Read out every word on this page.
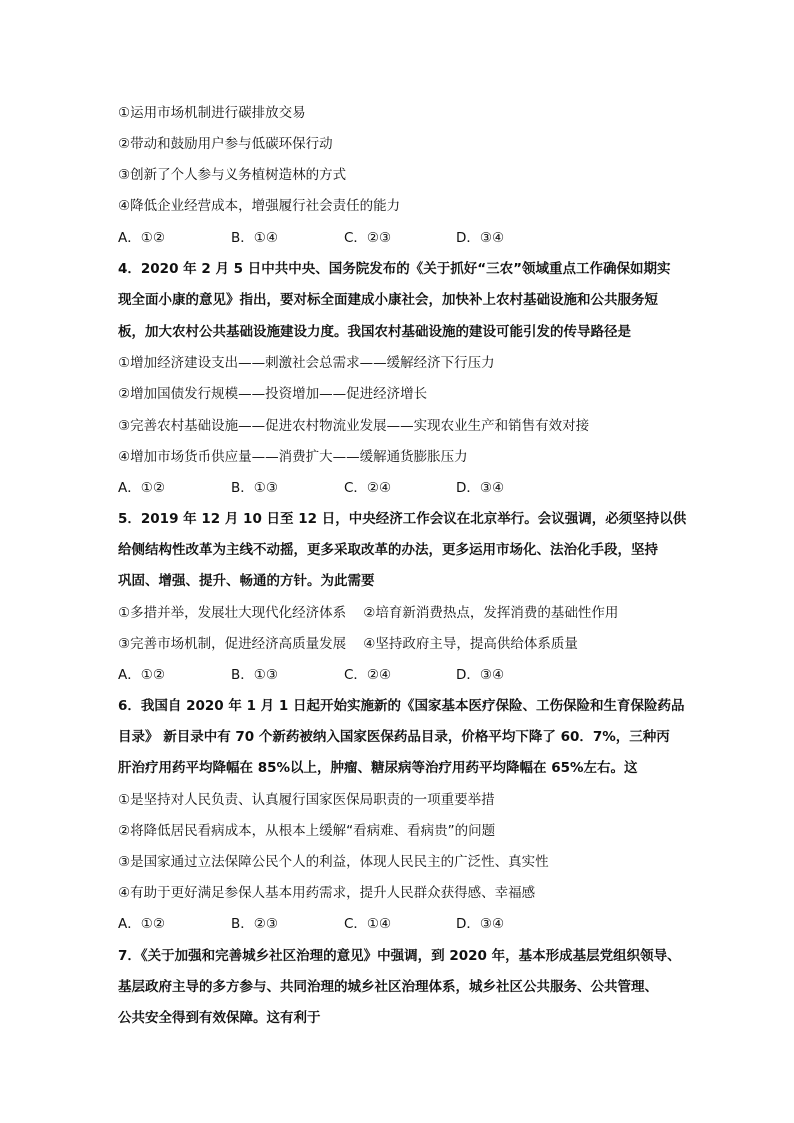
①运用市场机制进行碳排放交易
②带动和鼓励用户参与低碳环保行动
③创新了个人参与义务植树造林的方式
④降低企业经营成本，增强履行社会责任的能力
A．①②	B．①④	C．②③	D．③④
4．2020 年 2 月 5 日中共中央、国务院发布的《关于抓好“三农”领域重点工作确保如期实
现全面小康的意见》指出，要对标全面建成小康社会，加快补上农村基础设施和公共服务短
板，加大农村公共基础设施建设力度。我国农村基础设施的建设可能引发的传导路径是
①增加经济建设支出——刺激社会总需求——缓解经济下行压力
②增加国债发行规模——投资增加——促进经济增长
③完善农村基础设施——促进农村物流业发展——实现农业生产和销售有效对接
④增加市场货币供应量——消费扩大——缓解通货膨胀压力
A．①②	B．①③	C．②④	D．③④
5．2019 年 12 月 10 日至 12 日，中央经济工作会议在北京举行。会议强调，必须坚持以供
给侧结构性改革为主线不动摇，更多采取改革的办法，更多运用市场化、法治化手段，坚持
巩固、增强、提升、畅通的方针。为此需要
①多措并举，发展壮大现代化经济体系    ②培育新消费热点，发挥消费的基础性作用
③完善市场机制，促进经济高质量发展    ④坚持政府主导，提高供给体系质量
A．①②	B．①③	C．②④	D．③④
6．我国自 2020 年 1 月 1 日起开始实施新的《国家基本医疗保险、工伤保险和生育保险药品
目录》 新目录中有 70 个新药被纳入国家医保药品目录，价格平均下降了 60．7%，三种丙
肝治疗用药平均降幅在 85%以上，肿瘤、糖尿病等治疗用药平均降幅在 65%左右。这
①是坚持对人民负责、认真履行国家医保局职责的一项重要举措
②将降低居民看病成本，从根本上缓解“看病难、看病贵”的问题
③是国家通过立法保障公民个人的利益，体现人民民主的广泛性、真实性
④有助于更好满足参保人基本用药需求，提升人民群众获得感、幸福感
A．①②	B．②③	C．①④	D．③④
7．《关于加强和完善城乡社区治理的意见》中强调，到 2020 年，基本形成基层党组织领导、
基层政府主导的多方参与、共同治理的城乡社区治理体系，城乡社区公共服务、公共管理、
公共安全得到有效保障。这有利于
